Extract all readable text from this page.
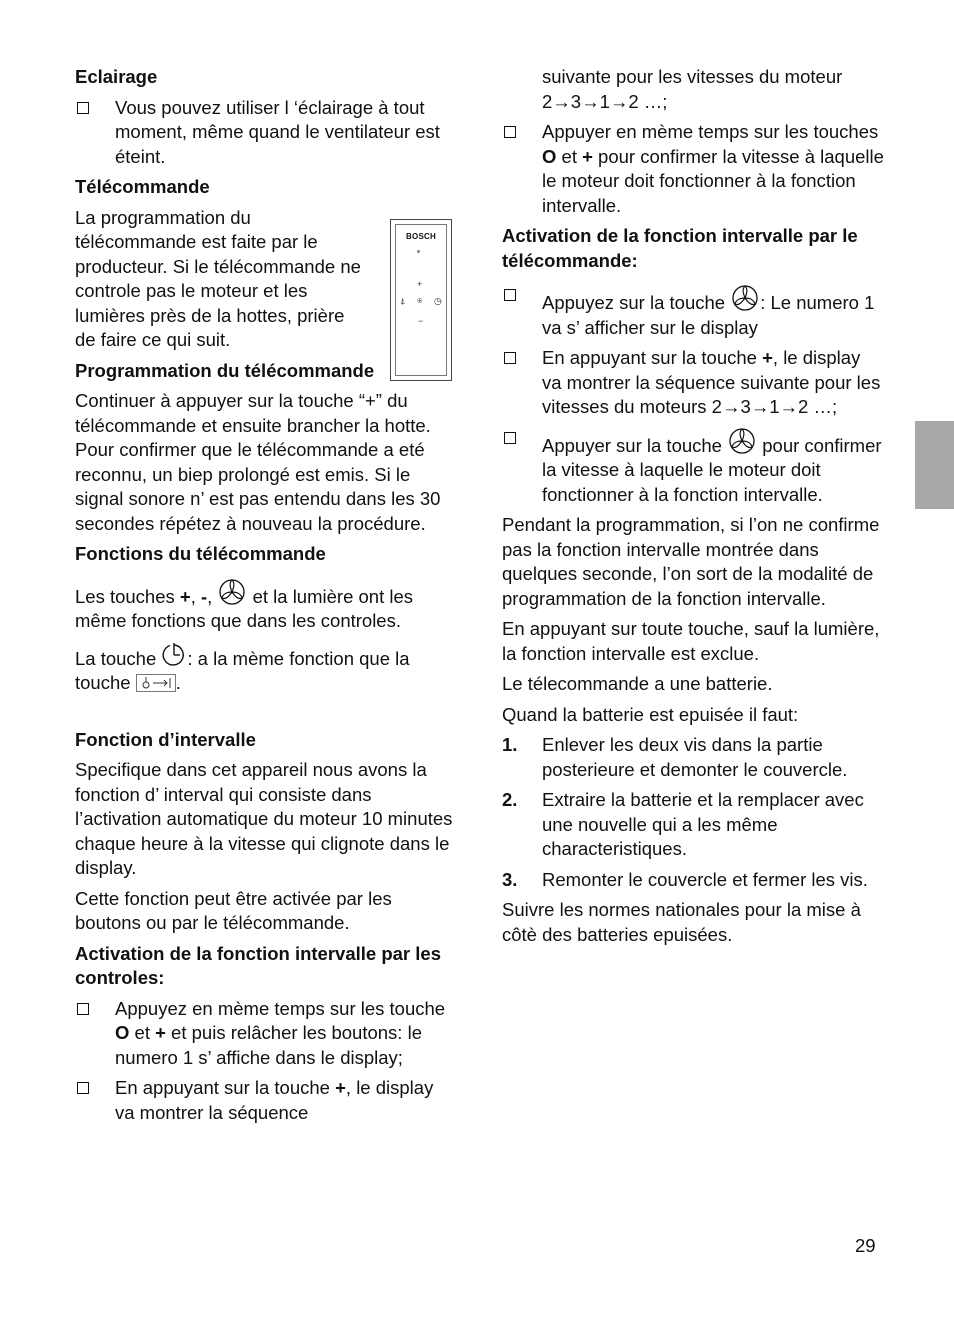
Eclairage
Vous pouvez utiliser l ‘éclairage à tout moment, même quand le ventilateur est éteint.
Télécommande
La programmation du télécommande est faite par le producteur. Si le télécommande ne controle pas le moteur et les lumières près de la hottes, prière de faire ce qui suit.
Programmation du télécommande
Continuer à appuyer sur la touche “+” du télécommande et ensuite brancher la hotte. Pour confirmer que le télécommande a eté reconnu, un biep prolongé est emis. Si le signal sonore n’ est pas entendu dans les 30 secondes répétez à nouveau la procédure.
Fonctions du télécommande
Les touches +, -,  et la lumière ont les même fonctions que dans les controles.
La touche : a la mème fonction que la touche .
Fonction d’intervalle
Specifique dans cet appareil nous avons la fonction d’ interval qui consiste dans l’activation automatique du moteur 10 minutes chaque heure à la vitesse qui clignote dans le display.
Cette fonction peut être activée par les boutons ou par le télécommande.
Activation de la fonction intervalle par les controles:
Appuyez en mème temps sur les touche O et + et puis relâcher les boutons: le numero 1 s’ affiche dans le display;
En appuyant sur la touche +, le display va montrer la séquence
BOSCH
+
⍋ ⍟ ◷
−
suivante pour les vitesses du moteur 2→3→1→2 …;
Appuyer en mème temps sur les touches O et + pour confirmer la vitesse à laquelle le moteur doit fonctionner à la fonction intervalle.
Activation de la fonction intervalle par le télécommande:
Appuyez sur la touche : Le numero 1 va s’ afficher sur le display
En appuyant sur la touche +, le display va montrer la séquence suivante pour les vitesses du moteurs 2→3→1→2 …;
Appuyer sur la touche  pour confirmer la vitesse à laquelle le moteur doit fonctionner à la fonction intervalle.
Pendant la programmation, si l’on ne confirme pas la fonction intervalle montrée dans quelques seconde, l’on sort de la modalité de programmation de la fonction intervalle.
En appuyant sur toute touche, sauf la lumière, la fonction intervalle est exclue.
Le télecommande a une batterie.
Quand la batterie est epuisée il faut:
1. Enlever les deux vis dans la partie posterieure et demonter le couvercle.
2. Extraire la batterie et la remplacer avec une nouvelle qui a les même characteristiques.
3. Remonter le couvercle et fermer les vis.
Suivre les normes nationales pour la mise à côtè des batteries epuisées.
29
